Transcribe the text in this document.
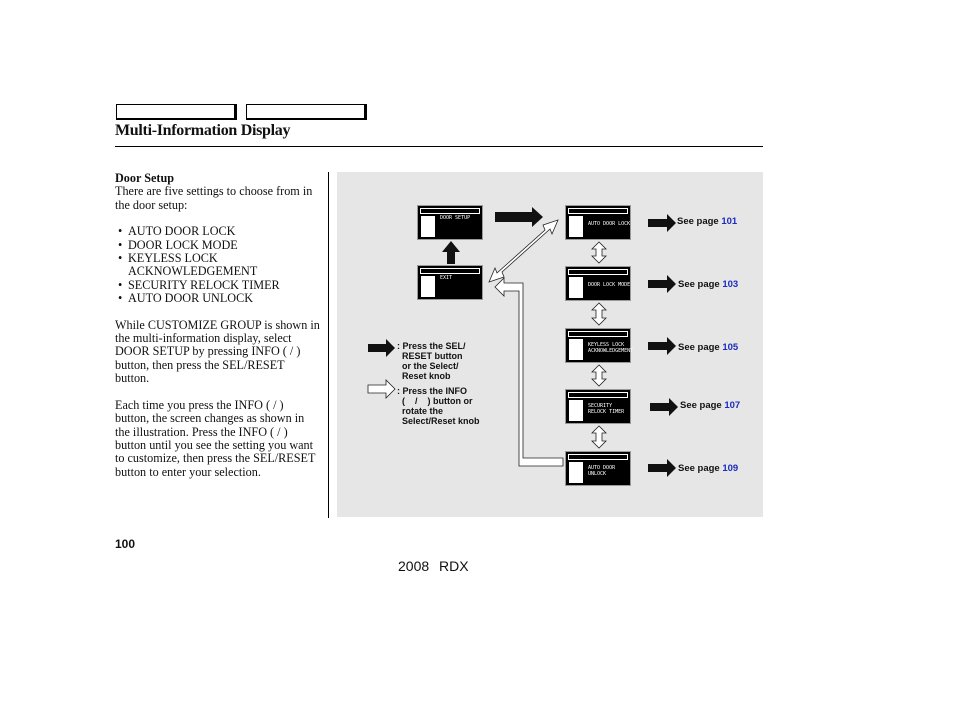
Multi-Information Display

Door Setup

There are five settings to choose from in the door setup:

• AUTO DOOR LOCK
• DOOR LOCK MODE
• KEYLESS LOCK ACKNOWLEDGEMENT
• SECURITY RELOCK TIMER
• AUTO DOOR UNLOCK

While CUSTOMIZE GROUP is shown in the multi-information display, select DOOR SETUP by pressing INFO ( / ) button, then press the SEL/RESET button.

Each time you press the INFO ( / ) button, the screen changes as shown in the illustration. Press the INFO ( / ) button until you see the setting you want to customize, then press the SEL/RESET button to enter your selection.

DOOR SETUP
EXIT
AUTO DOOR LOCK
DOOR LOCK MODE
KEYLESS LOCK
ACKNOWLEDGEMENT
SECURITY
RELOCK TIMER
AUTO DOOR
UNLOCK
See page 101
See page 103
See page 105
See page 107
See page 109
: Press the SEL/
RESET button
or the Select/
Reset knob
: Press the INFO
(    /    ) button or
rotate the
Select/Reset knob
100
2008 RDX
